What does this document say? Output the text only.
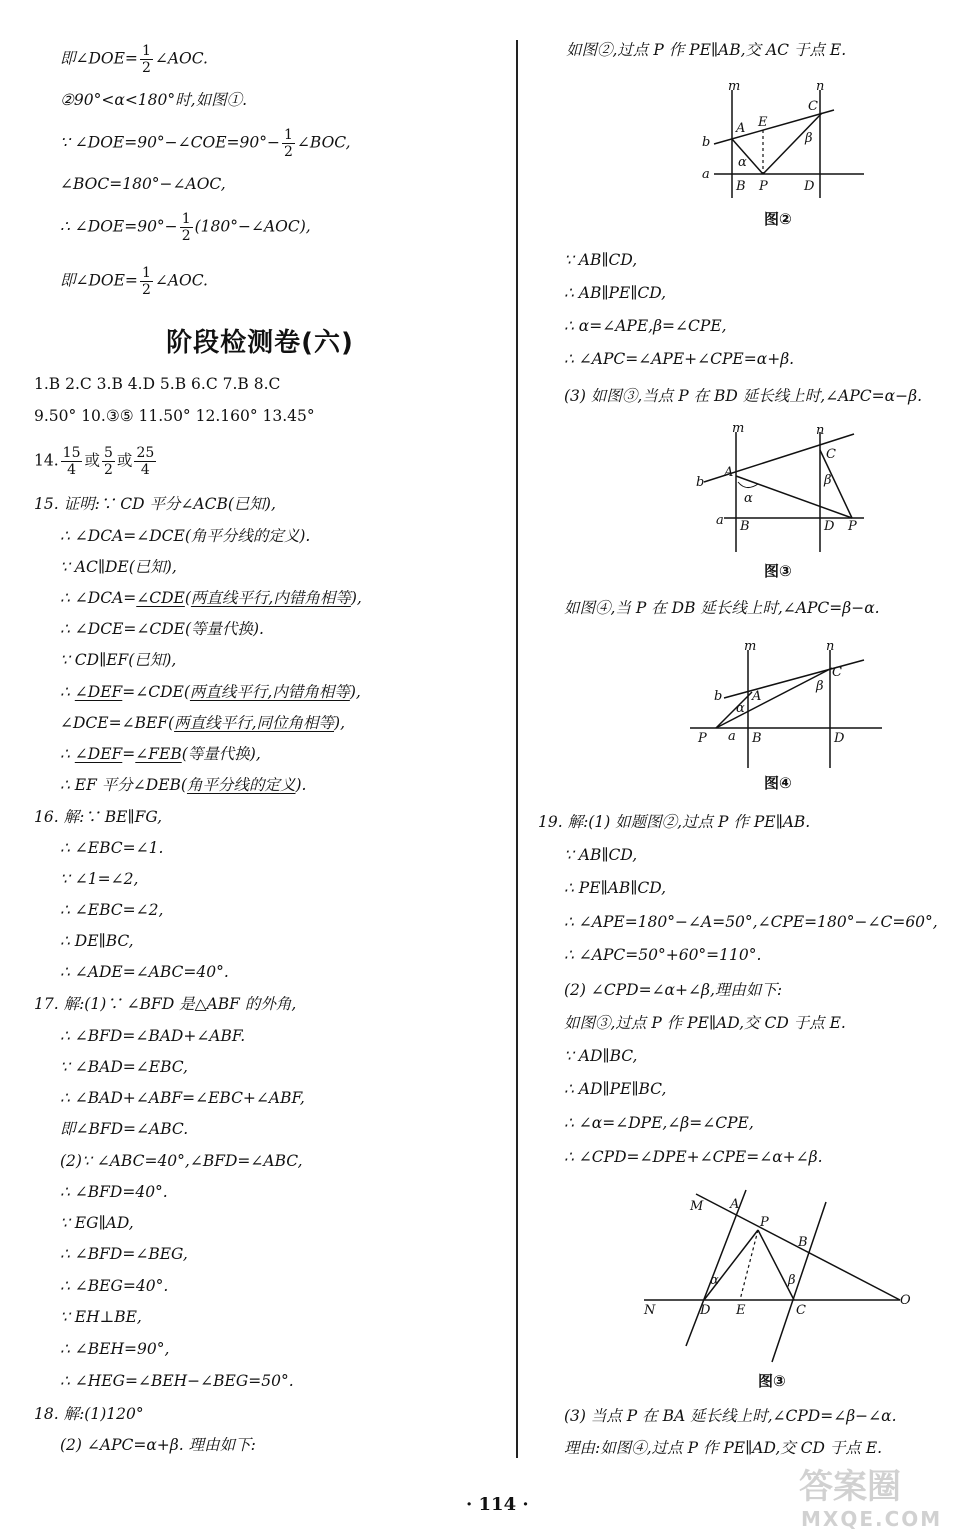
即∠DOE= $\frac{1}{2}$ ∠AOC.
②90°<α<180°时,如图①.
∵ ∠DOE=90°−∠COE=90°− $\frac{1}{2}$ ∠BOC,
∠BOC=180°−∠AOC,
∴ ∠DOE=90°− $\frac{1}{2}$ (180°−∠AOC),
即∠DOE= $\frac{1}{2}$ ∠AOC.
阶段检测卷(六)
1.B 2.C 3.B 4.D 5.B 6.C 7.B 8.C
9.50° 10.③⑤ 11.50° 12.160° 13.45°
14. $\frac{15}{4}$ 或 $\frac{5}{2}$ 或 $\frac{25}{4}$
15. 证明:∵ CD 平分∠ACB(已知),
∴ ∠DCA=∠DCE(角平分线的定义).
∵ AC∥DE(已知),
∴ ∠DCA=∠CDE(两直线平行,内错角相等),
∴ ∠DCE=∠CDE(等量代换).
∵ CD∥EF(已知),
∴ ∠DEF=∠CDE(两直线平行,内错角相等),
∠DCE=∠BEF(两直线平行,同位角相等),
∴ ∠DEF=∠FEB(等量代换),
∴ EF 平分∠DEB(角平分线的定义).
16. 解:∵ BE∥FG,
∴ ∠EBC=∠1.
∵ ∠1=∠2,
∴ ∠EBC=∠2,
∴ DE∥BC,
∴ ∠ADE=∠ABC=40°.
17. 解:(1)∵ ∠BFD 是△ABF 的外角,
∴ ∠BFD=∠BAD+∠ABF.
∵ ∠BAD=∠EBC,
∴ ∠BAD+∠ABF=∠EBC+∠ABF,
即∠BFD=∠ABC.
(2)∵ ∠ABC=40°,∠BFD=∠ABC,
∴ ∠BFD=40°.
∵ EG∥AD,
∴ ∠BFD=∠BEG,
∴ ∠BEG=40°.
∵ EH⊥BE,
∴ ∠BEH=90°,
∴ ∠HEG=∠BEH−∠BEG=50°.
18. 解:(1)120°
(2) ∠APC=α+β. 理由如下:
如图②,过点 P 作 PE∥AB,交 AC 于点 E.
m	n
b
a
A E
C
β
α
B P	D
图②
∵ AB∥CD,
∴ AB∥PE∥CD,
∴ α=∠APE,β=∠CPE,
∴ ∠APC=∠APE+∠CPE=α+β.
(3) 如图③,当点 P 在 BD 延长线上时,∠APC=α−β.
m	n
C
A
b	β
α
a B	D P
图③
如图④,当 P 在 DB 延长线上时,∠APC=β−α.
m	n
C
b A
β
α
P a B	D
图④
19. 解:(1) 如题图②,过点 P 作 PE∥AB.
∵ AB∥CD,
∴ PE∥AB∥CD,
∴ ∠APE=180°−∠A=50°,∠CPE=180°−∠C=60°,
∴ ∠APC=50°+60°=110°.
(2) ∠CPD=∠α+∠β,理由如下:
如图③,过点 P 作 PE∥AD,交 CD 于点 E.
∵ AD∥BC,
∴ AD∥PE∥BC,
∴ ∠α=∠DPE,∠β=∠CPE,
∴ ∠CPD=∠DPE+∠CPE=∠α+∠β.
M A
P
B
α	β
N	D E	C
O
图③
(3) 当点 P 在 BA 延长线上时,∠CPD=∠β−∠α.
理由:如图④,过点 P 作 PE∥AD,交 CD 于点 E.
· 114 ·	答案圈
MXQE.COM
